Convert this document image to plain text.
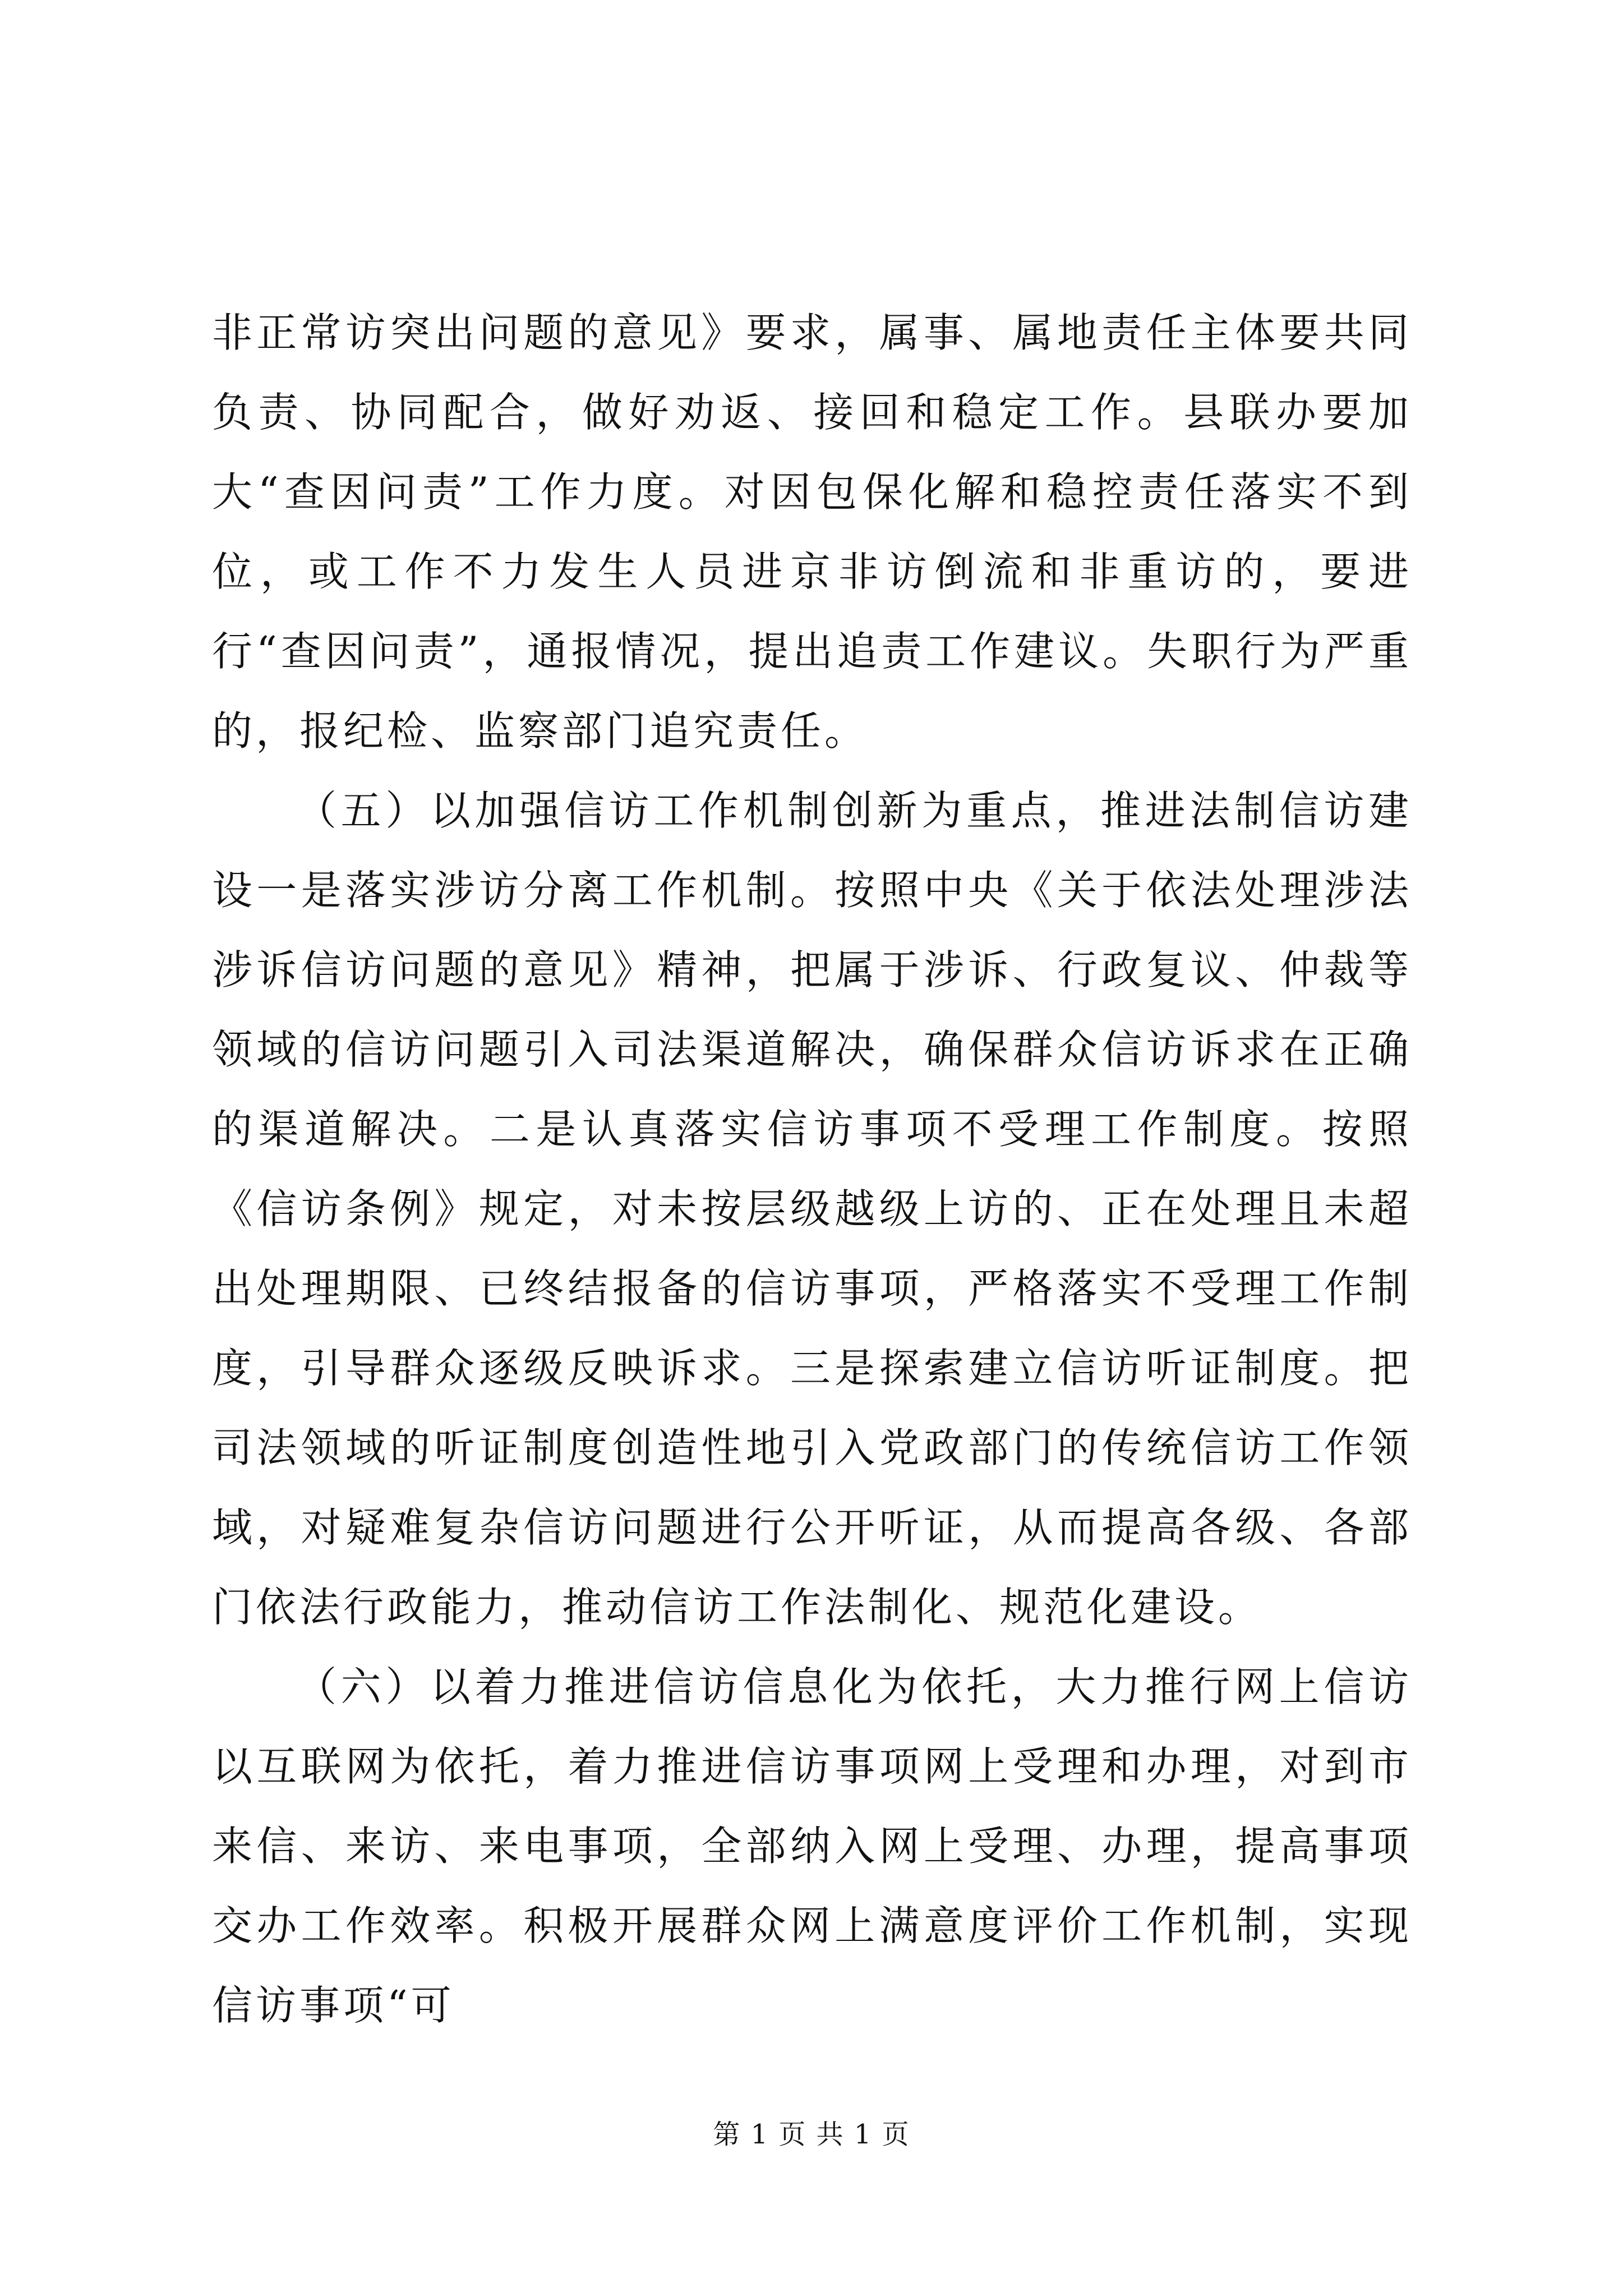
非正常访突出问题的意见》要求，属事、属地责任主体要共同负责、协同配合，做好劝返、接回和稳定工作。县联办要加大“查因问责”工作力度。对因包保化解和稳控责任落实不到位，或工作不力发生人员进京非访倒流和非重访的，要进行“查因问责”，通报情况，提出追责工作建议。失职行为严重的，报纪检、监察部门追究责任。

（五）以加强信访工作机制创新为重点，推进法制信访建设一是落实涉访分离工作机制。按照中央《关于依法处理涉法涉诉信访问题的意见》精神，把属于涉诉、行政复议、仲裁等领域的信访问题引入司法渠道解决，确保群众信访诉求在正确的渠道解决。二是认真落实信访事项不受理工作制度。按照《信访条例》规定，对未按层级越级上访的、正在处理且未超出处理期限、已终结报备的信访事项，严格落实不受理工作制度，引导群众逐级反映诉求。三是探索建立信访听证制度。把司法领域的听证制度创造性地引入党政部门的传统信访工作领域，对疑难复杂信访问题进行公开听证，从而提高各级、各部门依法行政能力，推动信访工作法制化、规范化建设。

（六）以着力推进信访信息化为依托，大力推行网上信访以互联网为依托，着力推进信访事项网上受理和办理，对到市来信、来访、来电事项，全部纳入网上受理、办理，提高事项交办工作效率。积极开展群众网上满意度评价工作机制，实现信访事项“可

第 1 页 共 1 页
